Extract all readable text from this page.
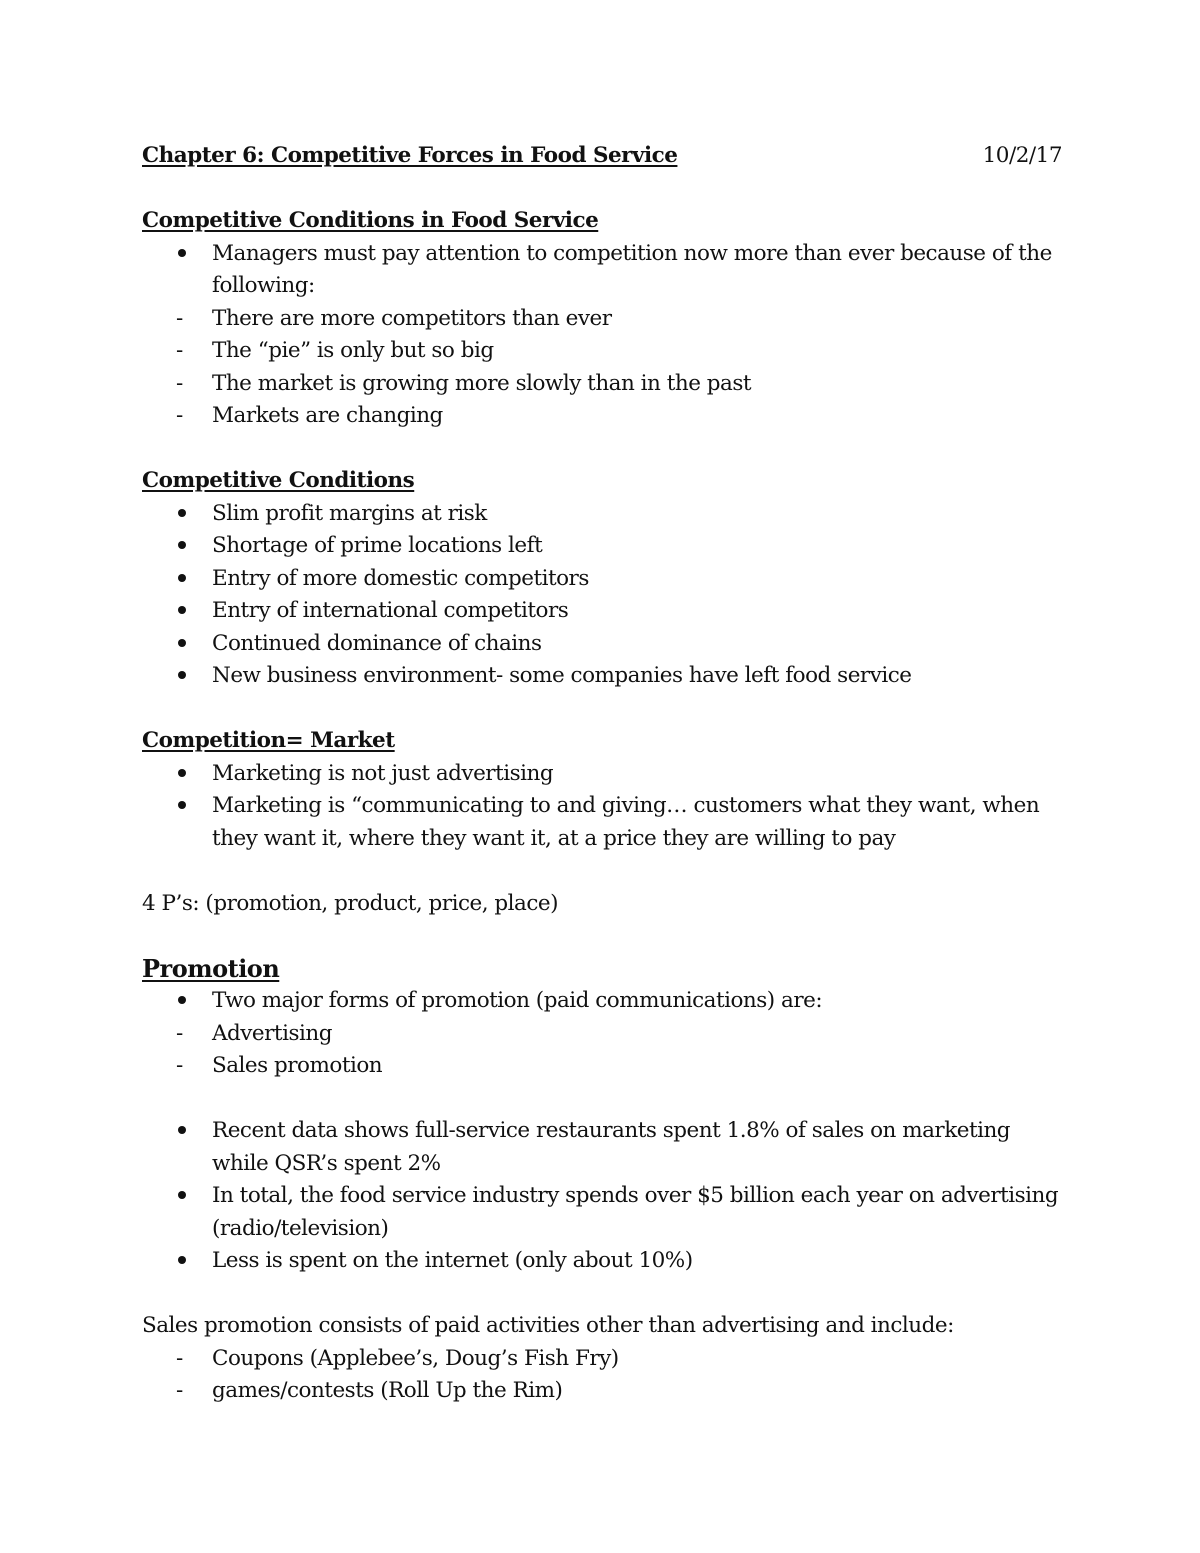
Chapter 6: Competitive Forces in Food Service	10/2/17
Competitive Conditions in Food Service
Managers must pay attention to competition now more than ever because of the following:
-	There are more competitors than ever
-	The “pie” is only but so big
-	The market is growing more slowly than in the past
-	Markets are changing
Competitive Conditions
Slim profit margins at risk
Shortage of prime locations left
Entry of more domestic competitors
Entry of international competitors
Continued dominance of chains
New business environment- some companies have left food service
Competition= Market
Marketing is not just advertising
Marketing is “communicating to and giving… customers what they want, when they want it, where they want it, at a price they are willing to pay
4 P’s: (promotion, product, price, place)
Promotion
Two major forms of promotion (paid communications) are:
-	Advertising
-	Sales promotion
Recent data shows full-service restaurants spent 1.8% of sales on marketing while QSR’s spent 2%
In total, the food service industry spends over $5 billion each year on advertising (radio/television)
Less is spent on the internet (only about 10%)
Sales promotion consists of paid activities other than advertising and include:
-	Coupons (Applebee’s, Doug’s Fish Fry)
-	games/contests (Roll Up the Rim)
